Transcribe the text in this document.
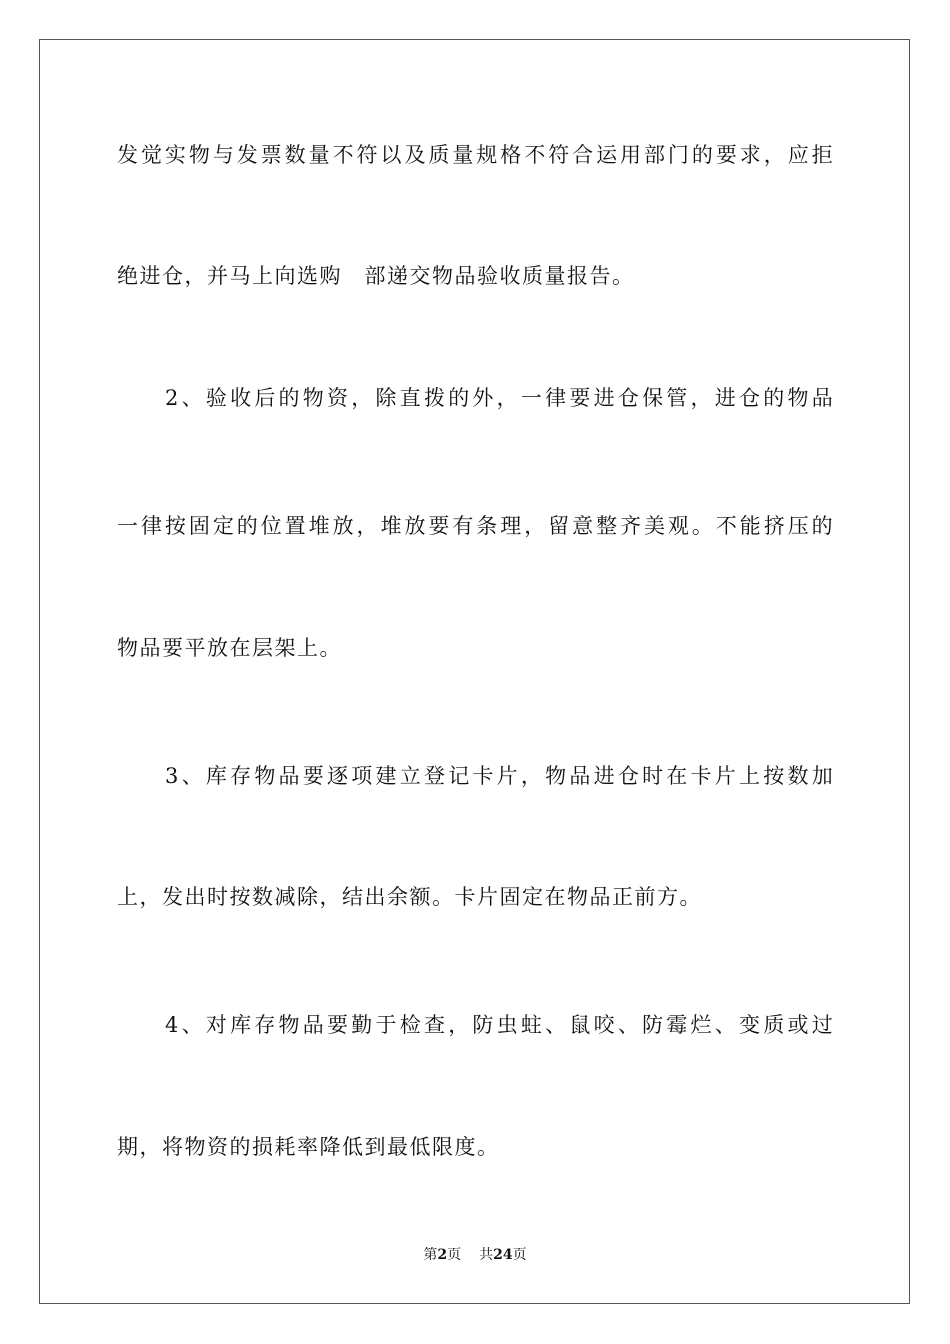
发 觉 实 物 与 发 票 数 量 不 符 以 及 质 量 规 格 不 符 合 运 用 部 门 的 要 求 ， 应 拒
绝进仓，并马上向选购　部递交物品验收质量报告。
2 、 验 收 后 的 物 资 ， 除 直 拨 的 外 ， 一 律 要 进 仓 保 管 ， 进 仓 的 物 品
一 律 按 固 定 的 位 置 堆 放 ， 堆 放 要 有 条 理 ， 留 意 整 齐 美 观 。 不 能 挤 压 的
物品要平放在层架上。
3 、 库 存 物 品 要 逐 项 建 立 登 记 卡 片 ， 物 品 进 仓 时 在 卡 片 上 按 数 加
上，发出时按数减除，结出余额。卡片固定在物品正前方。
4 、 对 库 存 物 品 要 勤 于 检 查 ， 防 虫 蛀 、 鼠 咬 、 防 霉 烂 、 变 质 或 过
期，将物资的损耗率降低到最低限度。
第2页 共24页
